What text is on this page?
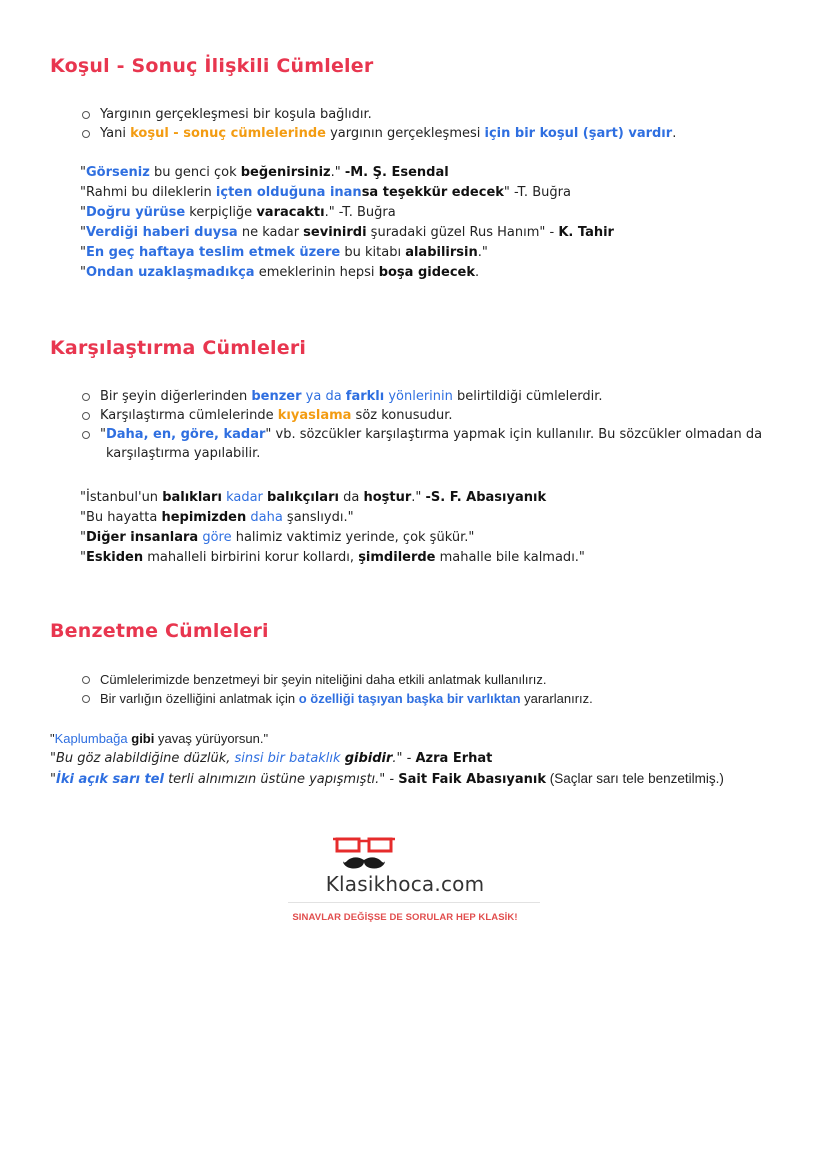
Koşul - Sonuç İlişkili Cümleler
Yargının gerçekleşmesi bir koşula bağlıdır.
Yani koşul - sonuç cümlelerinde yargının gerçekleşmesi için bir koşul (şart) vardır.
"Görseniz bu genci çok beğenirsiniz." -M. Ş. Esendal
"Rahmi bu dileklerin içten olduğuna inansa teşekkür edecek" -T. Buğra
"Doğru yürüse kerpiçliğe varacaktı." -T. Buğra
"Verdiği haberi duysa ne kadar sevinirdi şuradaki güzel Rus Hanım" - K. Tahir
"En geç haftaya teslim etmek üzere bu kitabı alabilirsin."
"Ondan uzaklaşmadıkça emeklerinin hepsi boşa gidecek.
Karşılaştırma Cümleleri
Bir şeyin diğerlerinden benzer ya da farklı yönlerinin belirtildiği cümlelerdir.
Karşılaştırma cümlelerinde kıyaslama söz konusudur.
"Daha, en, göre, kadar" vb. sözcükler karşılaştırma yapmak için kullanılır. Bu sözcükler olmadan da karşılaştırma yapılabilir.
"İstanbul'un balıkları kadar balıkçıları da hoştur." -S. F. Abasıyanık
"Bu hayatta hepimizden daha şanslıydı."
"Diğer insanlara göre halimiz vaktimiz yerinde, çok şükür."
"Eskiden mahalleli birbirini korur kollardı, şimdilerde mahalle bile kalmadı."
Benzetme Cümleleri
Cümlelerimizde benzetmeyi bir şeyin niteliğini daha etkili anlatmak kullanılırız.
Bir varlığın özelliğini anlatmak için o özelliği taşıyan başka bir varlıktan yararlanırız.
"Kaplumbağa gibi yavaş yürüyorsun."
"Bu göz alabildiğine düzlük, sinsi bir bataklık gibidir." - Azra Erhat
"İki açık sarı tel terli alnımızın üstüne yapışmıştı." - Sait Faik Abasıyanık (Saçlar sarı tele benzetilmiş.)
Klasikhoca.com
SINAVLAR DEĞİŞSE DE SORULAR HEP KLASİK!
